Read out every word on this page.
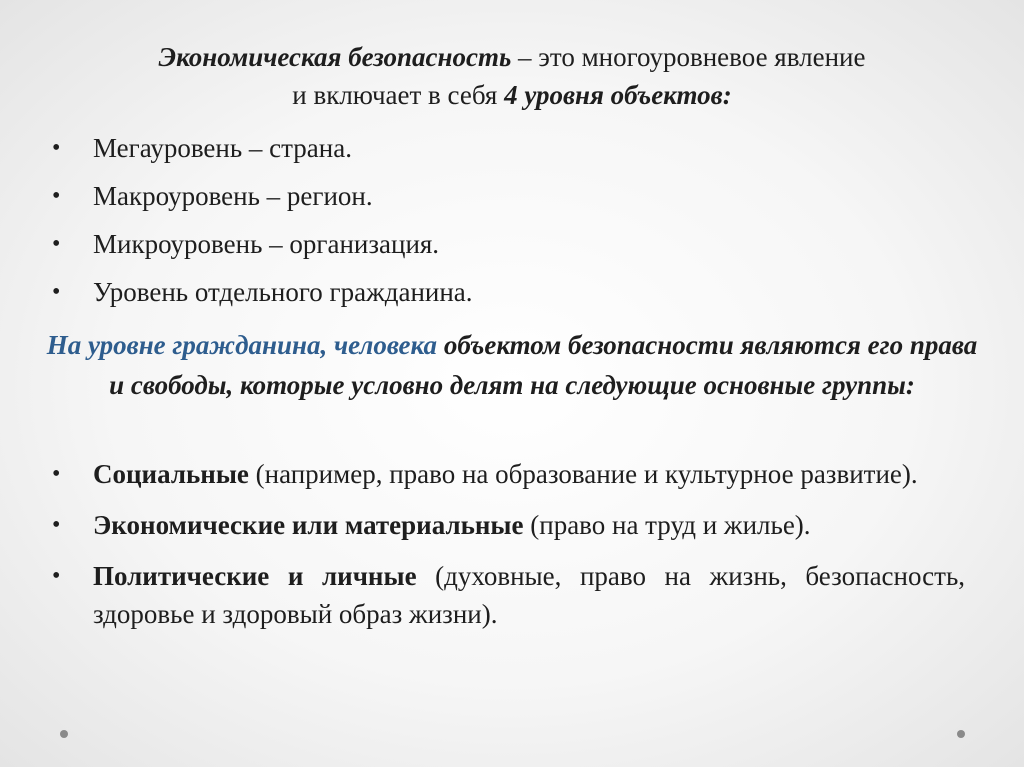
Экономическая безопасность – это многоуровневое явление
и включает в себя 4 уровня объектов:
•	Мегауровень – страна.
•	Макроуровень – регион.
•	Микроуровень – организация.
•	Уровень отдельного гражданина.
На уровне гражданина, человека объектом безопасности являются его права и свободы, которые условно делят на следующие основные группы:
•	Социальные (например, право на образование и культурное развитие).
•	Экономические или материальные (право на труд и жилье).
•	Политические и личные (духовные, право на жизнь, безопасность, здоровье и здоровый образ жизни).
